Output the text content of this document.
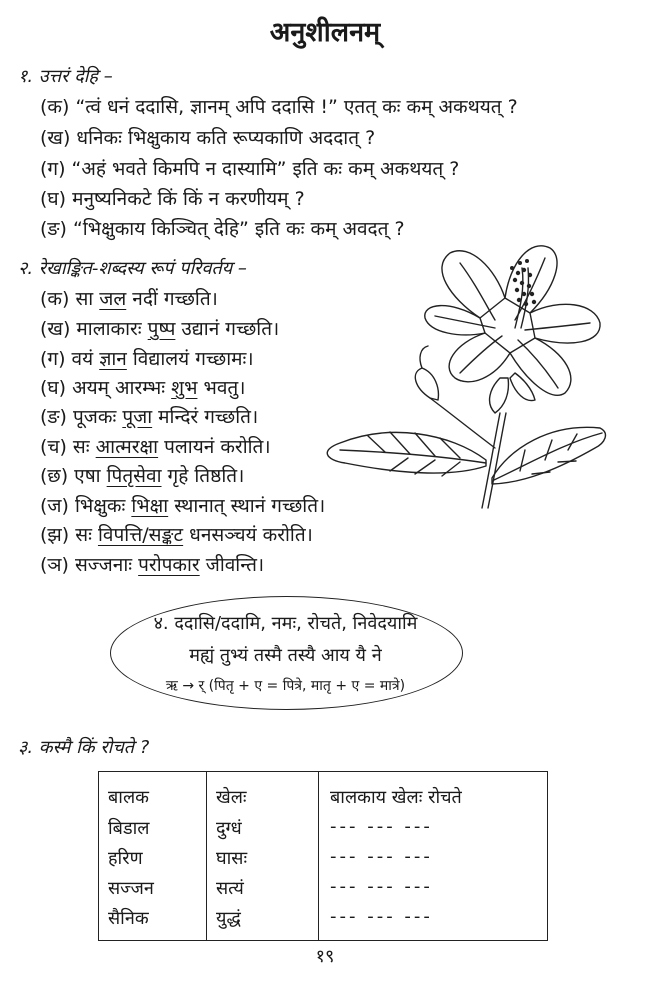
अनुशीलनम्
१. उत्तरं देहि –
(क) “त्वं धनं ददासि, ज्ञानम् अपि ददासि !” एतत् कः कम् अकथयत् ?
(ख) धनिकः भिक्षुकाय कति रूप्यकाणि अददात् ?
(ग) “अहं भवते किमपि न दास्यामि” इति कः कम् अकथयत् ?
(घ) मनुष्यनिकटे किं किं न करणीयम् ?
(ङ) “भिक्षुकाय किञ्चित् देहि” इति कः कम् अवदत् ?
२. रेखाङ्कित-शब्दस्य रूपं परिवर्तय –
(क) सा जल नदीं गच्छति।
(ख) मालाकारः पुष्प उद्यानं गच्छति।
(ग) वयं ज्ञान विद्यालयं गच्छामः।
(घ) अयम् आरम्भः शुभ भवतु।
(ङ) पूजकः पूजा मन्दिरं गच्छति।
(च) सः आत्मरक्षा पलायनं करोति।
(छ) एषा पितृसेवा गृहे तिष्ठति।
(ज) भिक्षुकः भिक्षा स्थानात् स्थानं गच्छति।
(झ) सः विपत्ति/सङ्कट धनसञ्चयं करोति।
(ञ) सज्जनाः परोपकार जीवन्ति।
४. ददासि/ददामि, नमः, रोचते, निवेदयामि
मह्यं तुभ्यं तस्मै तस्यै आय यै ने
ऋ → र् (पितृ + ए = पित्रे, मातृ + ए = मात्रे)
३. कस्मै किं रोचते ?
बालक
बिडाल
हरिण
सज्जन
सैनिक
खेलः
दुग्धं
घासः
सत्यं
युद्धं
बालकाय खेलः रोचते
--- --- ---
--- --- ---
--- --- ---
--- --- ---
१९
